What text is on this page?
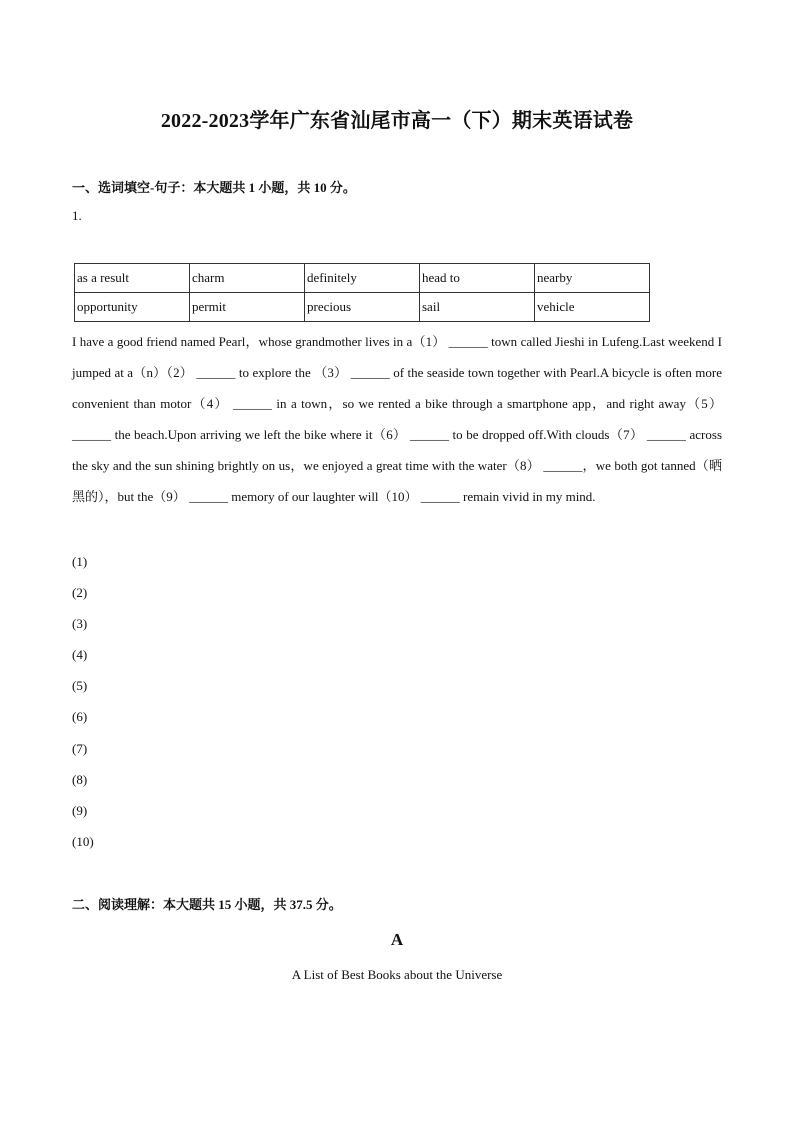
2022-2023学年广东省汕尾市高一（下）期末英语试卷
一、选词填空-句子：本大题共 1 小题，共 10 分。
1.
as a result	charm	definitely	head to	nearby
opportunity	permit	precious	sail	vehicle
I have a good friend named Pearl，whose grandmother lives in a（1） ______ town called Jieshi in Lufeng.Last weekend I jumped at a（n）（2） ______ to explore the （3） ______ of the seaside town together with Pearl.A bicycle is often more convenient than motor（4） ______ in a town，so we rented a bike through a smartphone app，and right away（5） ______ the beach.Upon arriving we left the bike where it（6） ______ to be dropped off.With clouds（7） ______ across the sky and the sun shining brightly on us，we enjoyed a great time with the water（8） ______，we both got tanned（晒黑的），but the（9） ______ memory of our laughter will（10） ______ remain vivid in my mind.
(1)
(2)
(3)
(4)
(5)
(6)
(7)
(8)
(9)
(10)
二、阅读理解：本大题共 15 小题，共 37.5 分。
A
A List of Best Books about the Universe
